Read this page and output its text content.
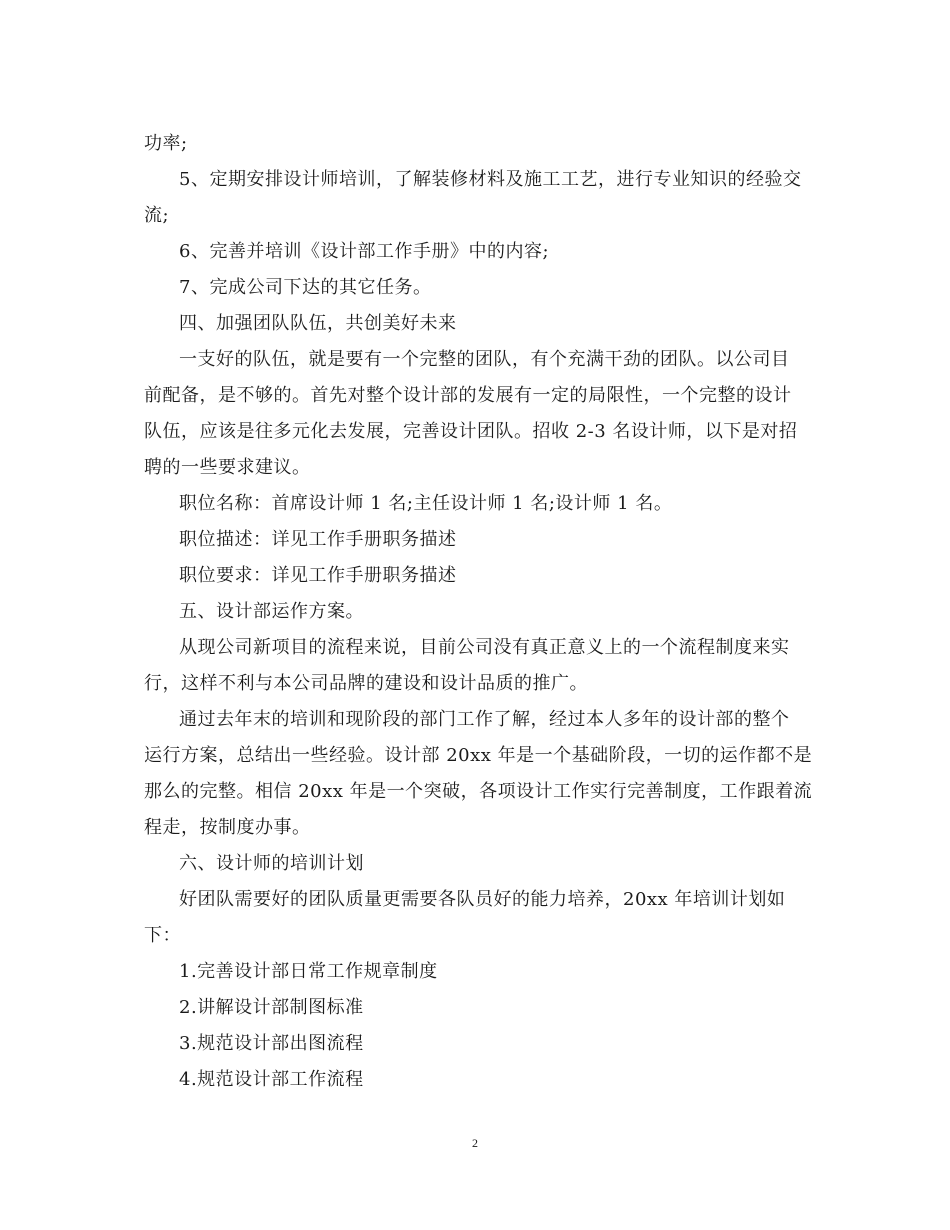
功率;
5、定期安排设计师培训，了解装修材料及施工工艺，进行专业知识的经验交
流;
6、完善并培训《设计部工作手册》中的内容;
7、完成公司下达的其它任务。
四、加强团队队伍，共创美好未来
一支好的队伍，就是要有一个完整的团队，有个充满干劲的团队。以公司目
前配备，是不够的。首先对整个设计部的发展有一定的局限性，一个完整的设计
队伍，应该是往多元化去发展，完善设计团队。招收 2-3 名设计师，以下是对招
聘的一些要求建议。
职位名称：首席设计师 1 名;主任设计师 1 名;设计师 1 名。
职位描述：详见工作手册职务描述
职位要求：详见工作手册职务描述
五、设计部运作方案。
从现公司新项目的流程来说，目前公司没有真正意义上的一个流程制度来实
行，这样不利与本公司品牌的建设和设计品质的推广。
通过去年末的培训和现阶段的部门工作了解，经过本人多年的设计部的整个
运行方案，总结出一些经验。设计部 20xx 年是一个基础阶段，一切的运作都不是
那么的完整。相信 20xx 年是一个突破，各项设计工作实行完善制度，工作跟着流
程走，按制度办事。
六、设计师的培训计划
好团队需要好的团队质量更需要各队员好的能力培养，20xx 年培训计划如
下：
1.完善设计部日常工作规章制度
2.讲解设计部制图标准
3.规范设计部出图流程
4.规范设计部工作流程
2
